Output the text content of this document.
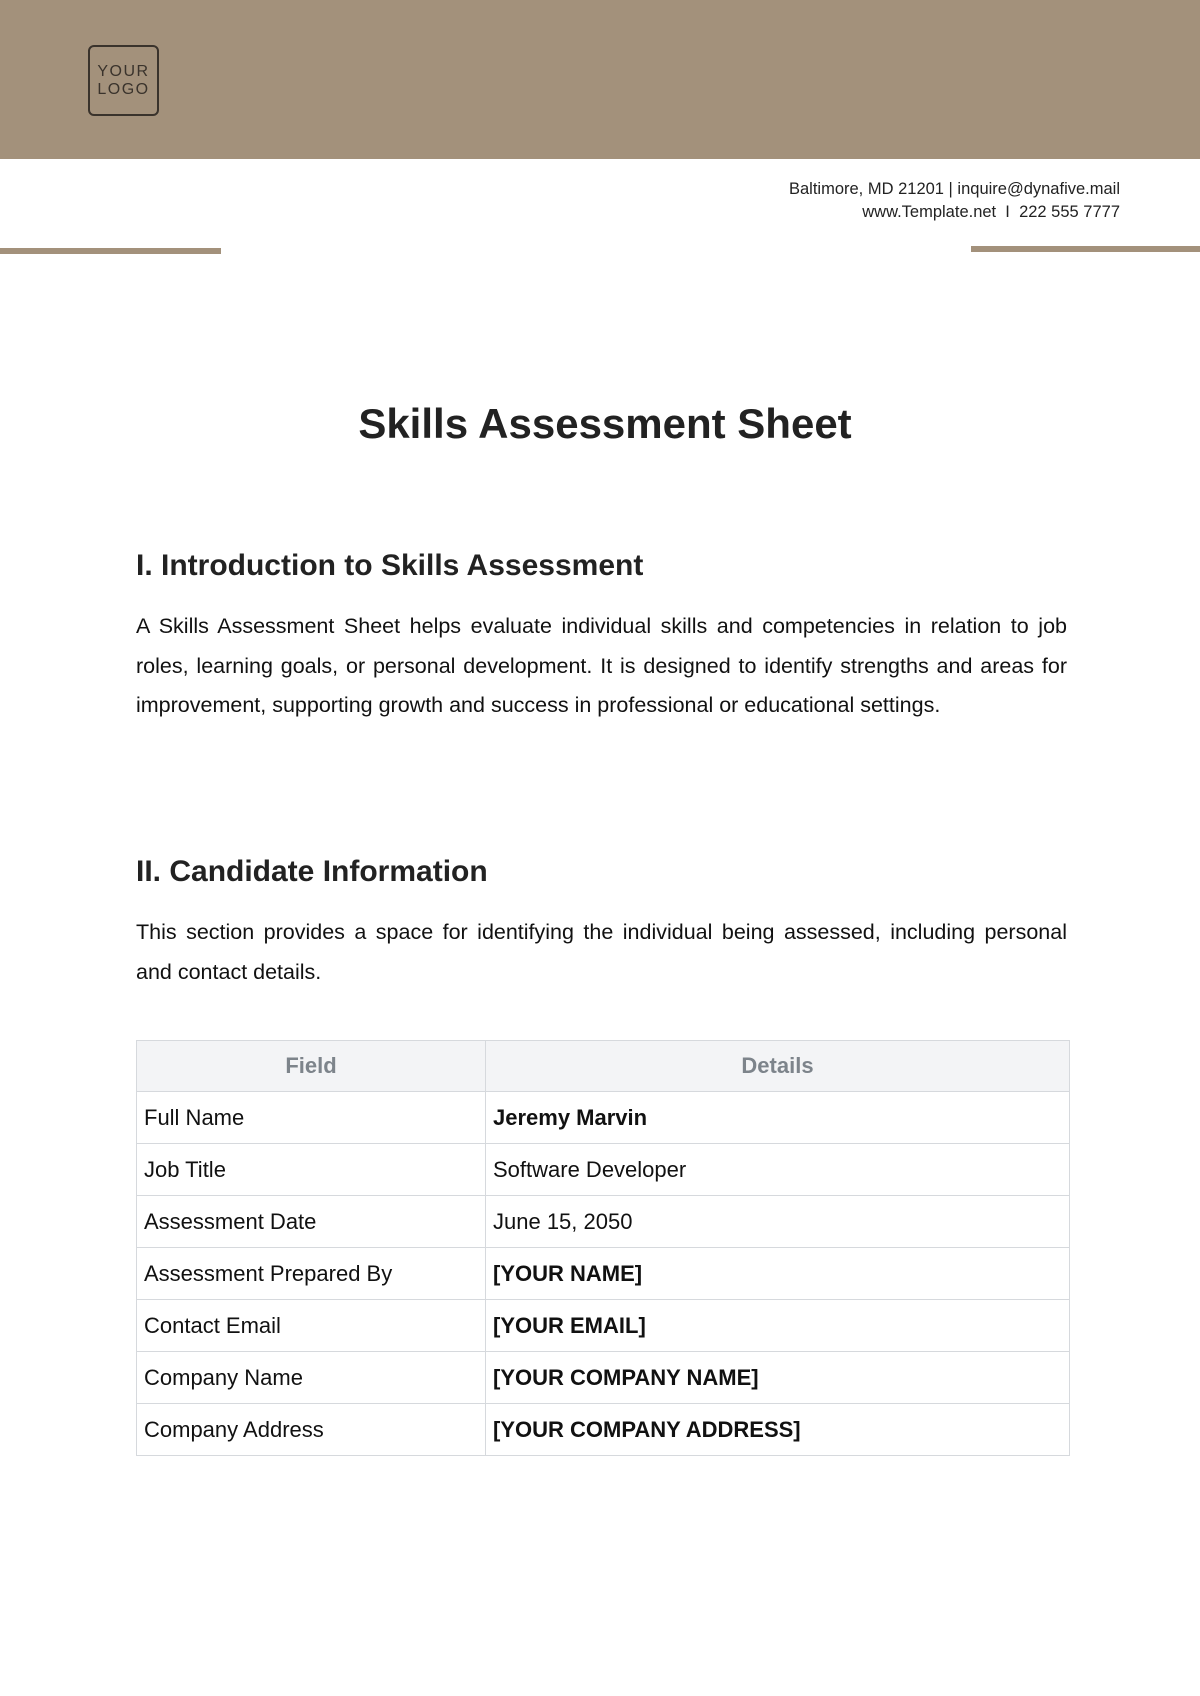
YOUR
LOGO
Baltimore, MD 21201 | inquire@dynafive.mail
www.Template.net  I  222 555 7777
Skills Assessment Sheet
I. Introduction to Skills Assessment

A Skills Assessment Sheet helps evaluate individual skills and competencies in relation to job roles, learning goals, or personal development. It is designed to identify strengths and areas for improvement, supporting growth and success in professional or educational settings.

II. Candidate Information

This section provides a space for identifying the individual being assessed, including personal and contact details.

Field	Details
Full Name	Jeremy Marvin
Job Title	Software Developer
Assessment Date	June 15, 2050
Assessment Prepared By	[YOUR NAME]
Contact Email	[YOUR EMAIL]
Company Name	[YOUR COMPANY NAME]
Company Address	[YOUR COMPANY ADDRESS]
